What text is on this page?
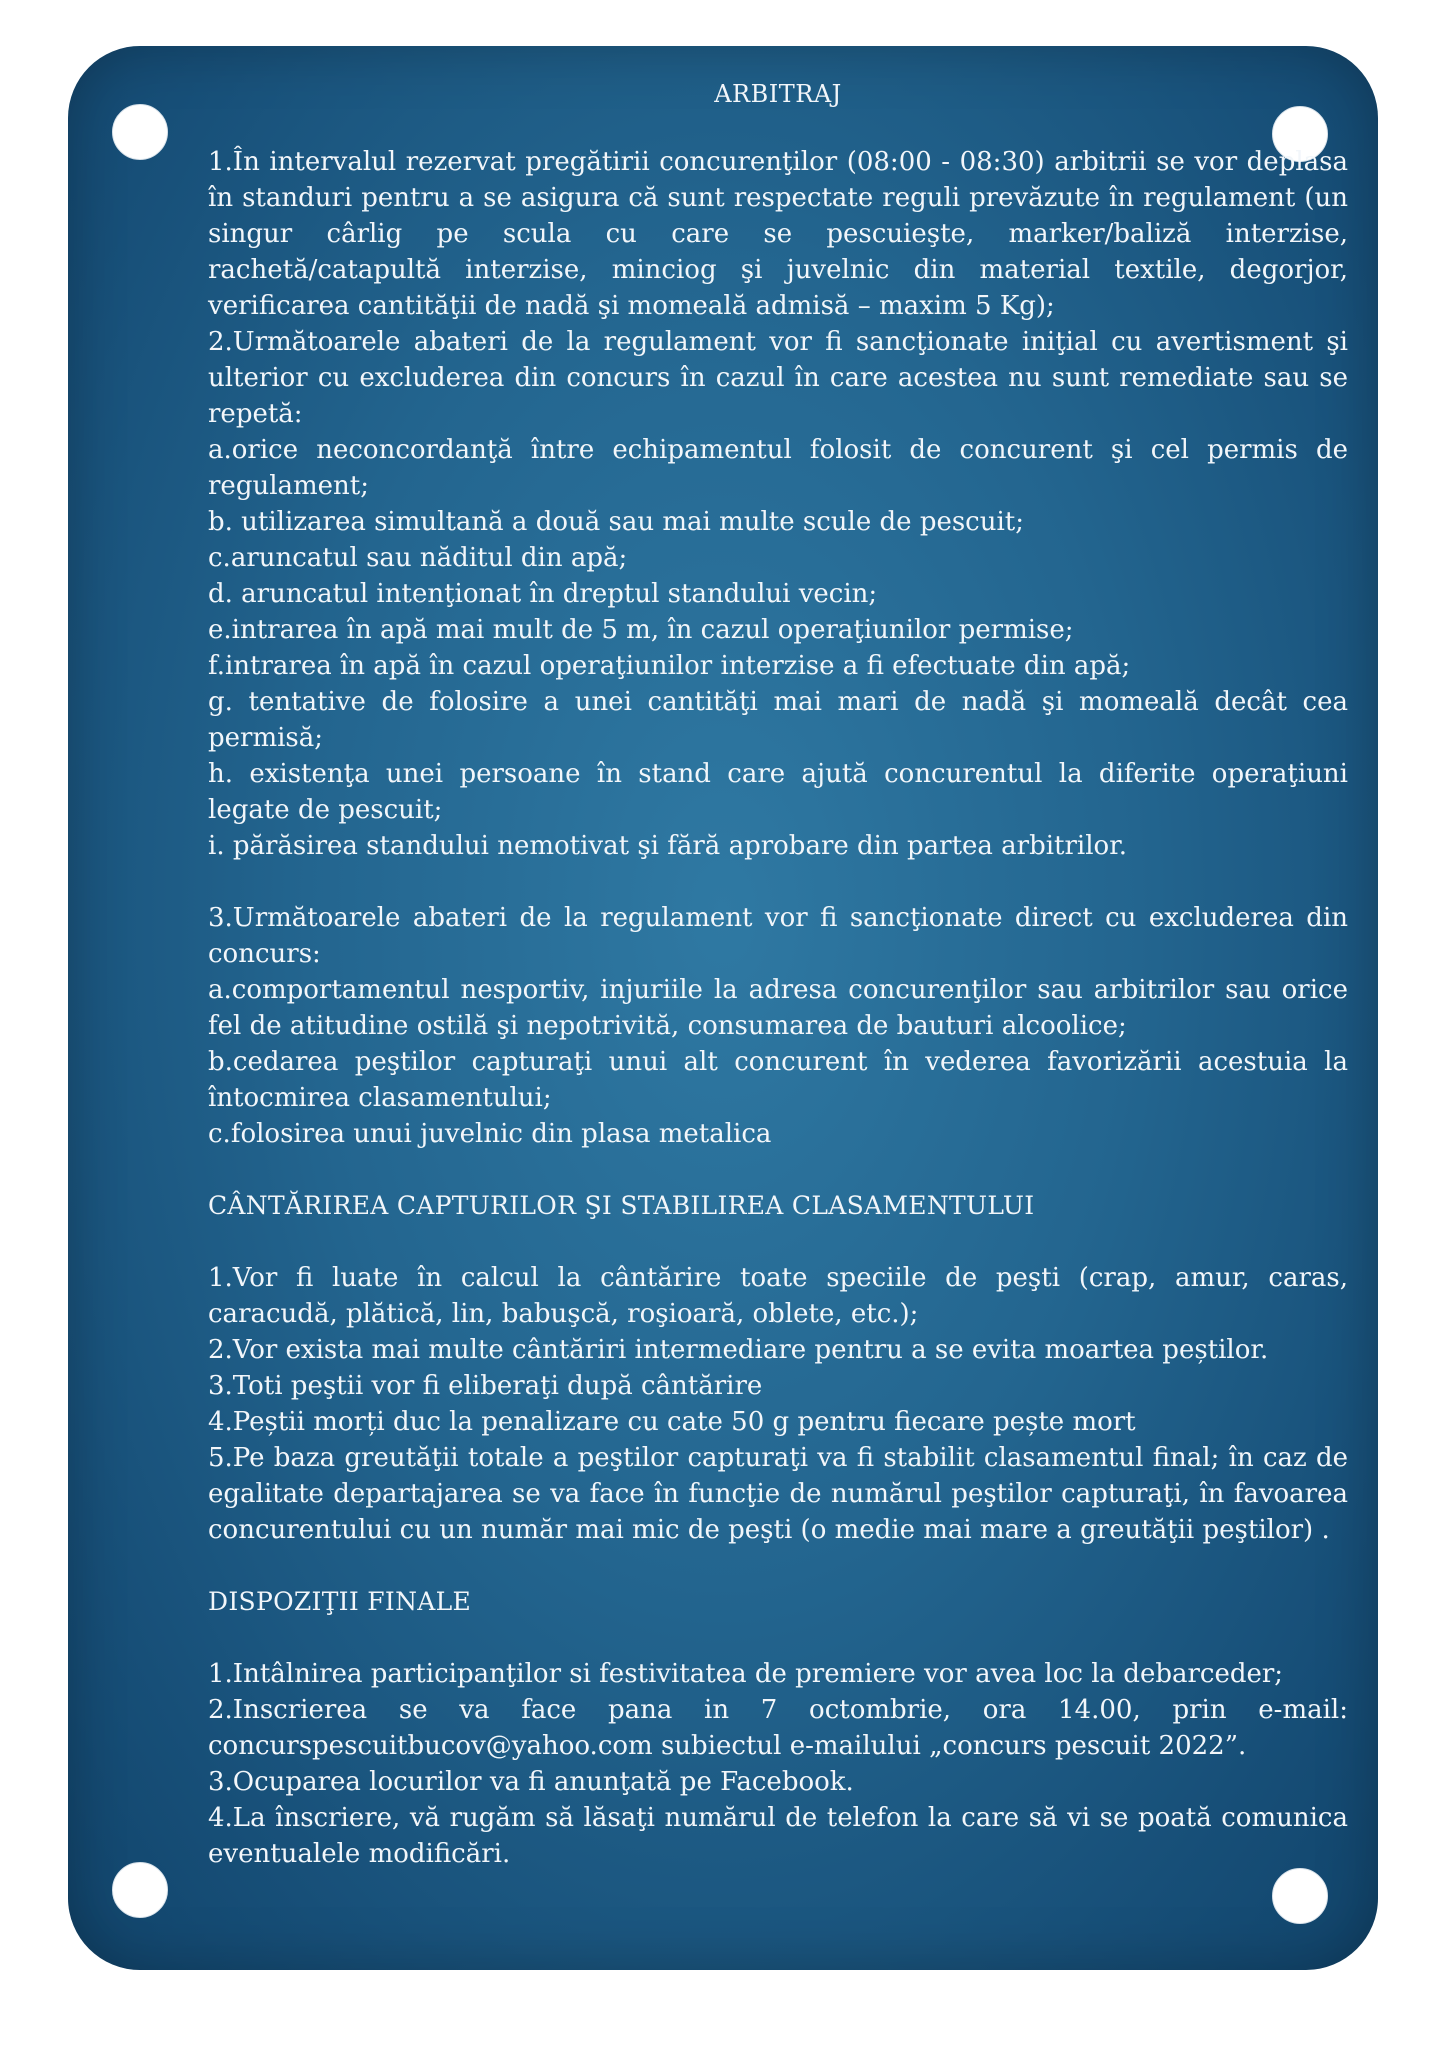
ARBITRAJ

1.În intervalul rezervat pregătirii concurenţilor (08:00 - 08:30) arbitrii se vor deplasa în standuri pentru a se asigura că sunt respectate reguli prevăzute în regulament (un singur cârlig pe scula cu care se pescuieşte, marker/baliză interzise, rachetă/catapultă interzise, minciog şi juvelnic din material textile, degorjor, verificarea cantităţii de nadă şi momeală admisă – maxim 5 Kg);

2.Următoarele abateri de la regulament vor fi sancţionate iniţial cu avertisment şi ulterior cu excluderea din concurs în cazul în care acestea nu sunt remediate sau se repetă:

a.orice neconcordanţă între echipamentul folosit de concurent şi cel permis de regulament;

b. utilizarea simultană a două sau mai multe scule de pescuit;

c.aruncatul sau năditul din apă;

d. aruncatul intenţionat în dreptul standului vecin;

e.intrarea în apă mai mult de 5 m, în cazul operaţiunilor permise;

f.intrarea în apă în cazul operaţiunilor interzise a fi efectuate din apă;

g. tentative de folosire a unei cantităţi mai mari de nadă şi momeală decât cea permisă;

h. existenţa unei persoane în stand care ajută concurentul la diferite operaţiuni legate de pescuit;

i. părăsirea standului nemotivat şi fără aprobare din partea arbitrilor.

3.Următoarele abateri de la regulament vor fi sancţionate direct cu excluderea din concurs:

a.comportamentul nesportiv, injuriile la adresa concurenţilor sau arbitrilor sau orice fel de atitudine ostilă şi nepotrivită, consumarea de bauturi alcoolice;

b.cedarea peştilor capturaţi unui alt concurent în vederea favorizării acestuia la întocmirea clasamentului;

c.folosirea unui juvelnic din plasa metalica

CÂNTĂRIREA CAPTURILOR ŞI STABILIREA CLASAMENTULUI

1.Vor fi luate în calcul la cântărire toate speciile de peşti (crap, amur, caras, caracudă, plătică, lin, babuşcă, roşioară, oblete, etc.);

2.Vor exista mai multe cântăriri intermediare pentru a se evita moartea peștilor.

3.Toti peştii vor fi eliberaţi după cântărire

4.Peștii morți duc la penalizare cu cate 50 g pentru fiecare pește mort

5.Pe baza greutăţii totale a peştilor capturaţi va fi stabilit clasamentul final; în caz de egalitate departajarea se va face în funcţie de numărul peştilor capturaţi, în favoarea concurentului cu un număr mai mic de peşti (o medie mai mare a greutăţii peştilor) .

DISPOZIŢII FINALE

1.Intâlnirea participanţilor si festivitatea de premiere vor avea loc la debarceder;

2.Inscrierea se va face pana in 7 octombrie, ora 14.00, prin e-mail: concurspescuitbucov@yahoo.com subiectul e-mailului „concurs pescuit 2022”.

3.Ocuparea locurilor va fi anunţată pe Facebook.

4.La înscriere, vă rugăm să lăsaţi numărul de telefon la care să vi se poată comunica eventualele modificări.
